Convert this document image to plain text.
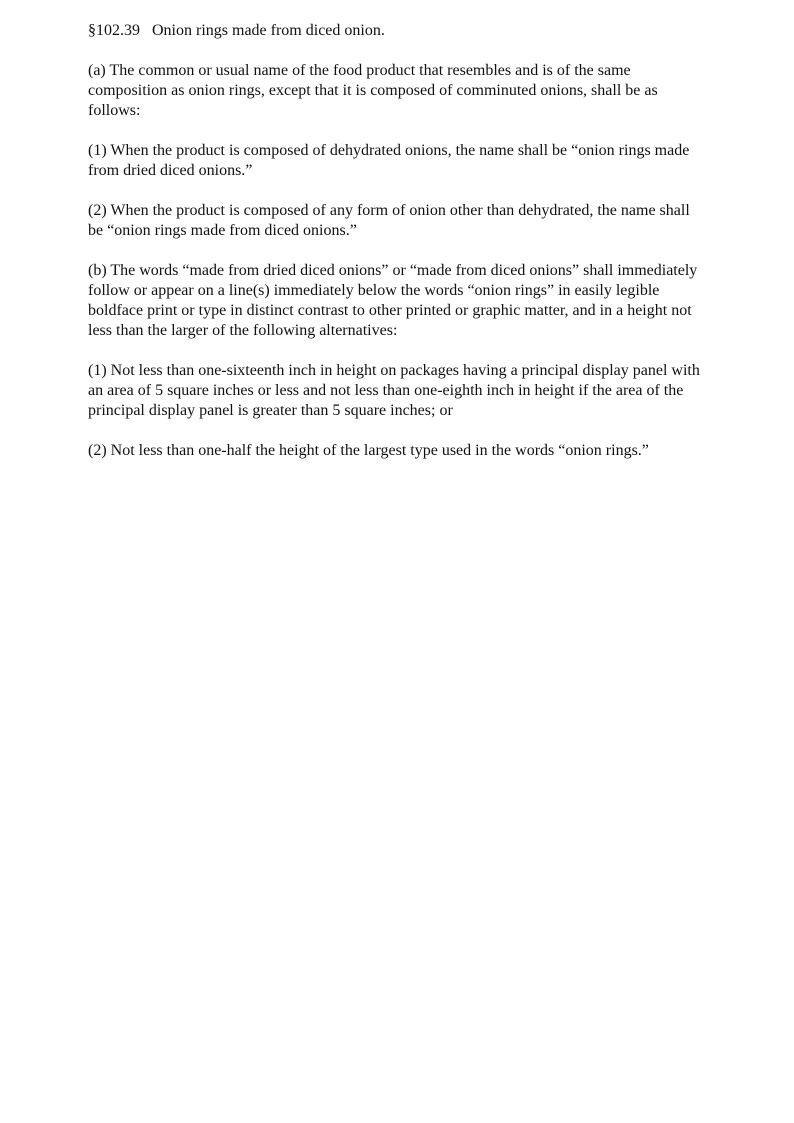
§102.39   Onion rings made from diced onion.

(a) The common or usual name of the food product that resembles and is of the same composition as onion rings, except that it is composed of comminuted onions, shall be as follows:

(1) When the product is composed of dehydrated onions, the name shall be “onion rings made from dried diced onions.”

(2) When the product is composed of any form of onion other than dehydrated, the name shall be “onion rings made from diced onions.”

(b) The words “made from dried diced onions” or “made from diced onions” shall immediately follow or appear on a line(s) immediately below the words “onion rings” in easily legible boldface print or type in distinct contrast to other printed or graphic matter, and in a height not less than the larger of the following alternatives:

(1) Not less than one-sixteenth inch in height on packages having a principal display panel with an area of 5 square inches or less and not less than one-eighth inch in height if the area of the principal display panel is greater than 5 square inches; or

(2) Not less than one-half the height of the largest type used in the words “onion rings.”
